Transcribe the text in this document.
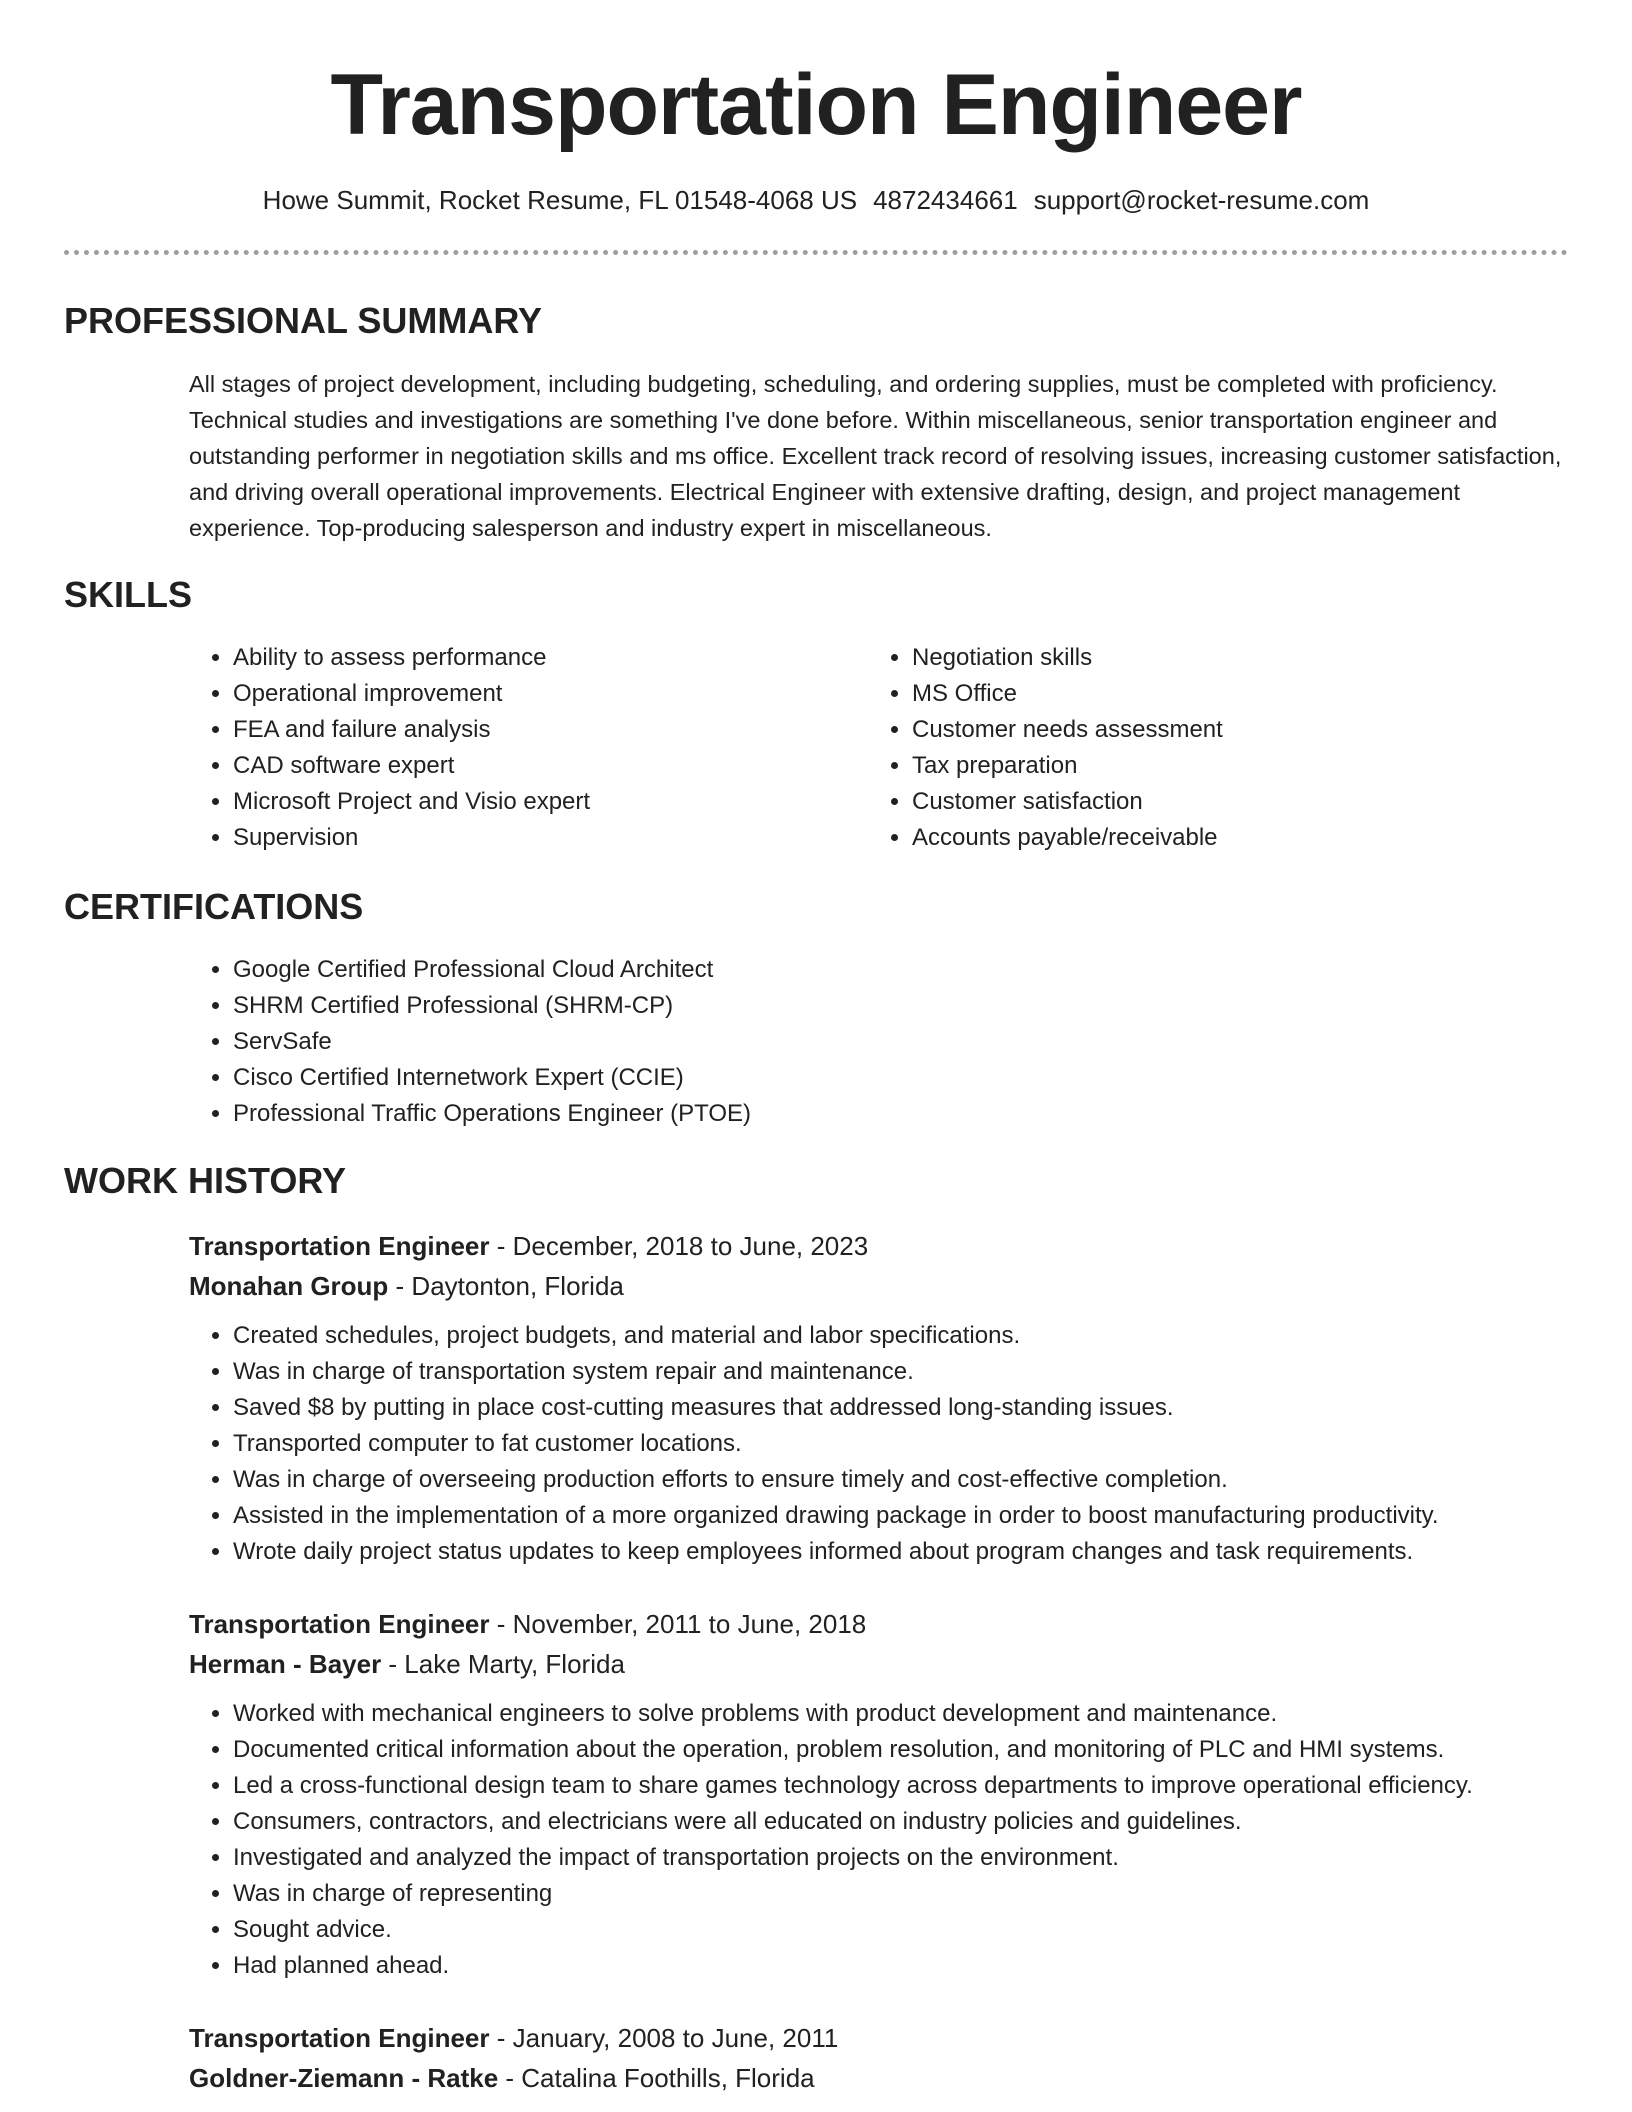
Transportation Engineer
Howe Summit, Rocket Resume, FL 01548-4068 US 4872434661 support@rocket-resume.com
PROFESSIONAL SUMMARY

All stages of project development, including budgeting, scheduling, and ordering supplies, must be completed with proficiency. Technical studies and investigations are something I've done before. Within miscellaneous, senior transportation engineer and outstanding performer in negotiation skills and ms office. Excellent track record of resolving issues, increasing customer satisfaction, and driving overall operational improvements. Electrical Engineer with extensive drafting, design, and project management experience. Top-producing salesperson and industry expert in miscellaneous.

SKILLS
• Ability to assess performance
• Operational improvement
• FEA and failure analysis
• CAD software expert
• Microsoft Project and Visio expert
• Supervision
• Negotiation skills
• MS Office
• Customer needs assessment
• Tax preparation
• Customer satisfaction
• Accounts payable/receivable
CERTIFICATIONS
• Google Certified Professional Cloud Architect
• SHRM Certified Professional (SHRM-CP)
• ServSafe
• Cisco Certified Internetwork Expert (CCIE)
• Professional Traffic Operations Engineer (PTOE)
WORK HISTORY

Transportation Engineer - December, 2018 to June, 2023

Monahan Group - Daytonton, Florida

• Created schedules, project budgets, and material and labor specifications.
• Was in charge of transportation system repair and maintenance.
• Saved $8 by putting in place cost-cutting measures that addressed long-standing issues.
• Transported computer to fat customer locations.
• Was in charge of overseeing production efforts to ensure timely and cost-effective completion.
• Assisted in the implementation of a more organized drawing package in order to boost manufacturing productivity.
• Wrote daily project status updates to keep employees informed about program changes and task requirements.

Transportation Engineer - November, 2011 to June, 2018

Herman - Bayer - Lake Marty, Florida

• Worked with mechanical engineers to solve problems with product development and maintenance.
• Documented critical information about the operation, problem resolution, and monitoring of PLC and HMI systems.
• Led a cross-functional design team to share games technology across departments to improve operational efficiency.
• Consumers, contractors, and electricians were all educated on industry policies and guidelines.
• Investigated and analyzed the impact of transportation projects on the environment.
• Was in charge of representing
• Sought advice.
• Had planned ahead.

Transportation Engineer - January, 2008 to June, 2011

Goldner-Ziemann - Ratke - Catalina Foothills, Florida
